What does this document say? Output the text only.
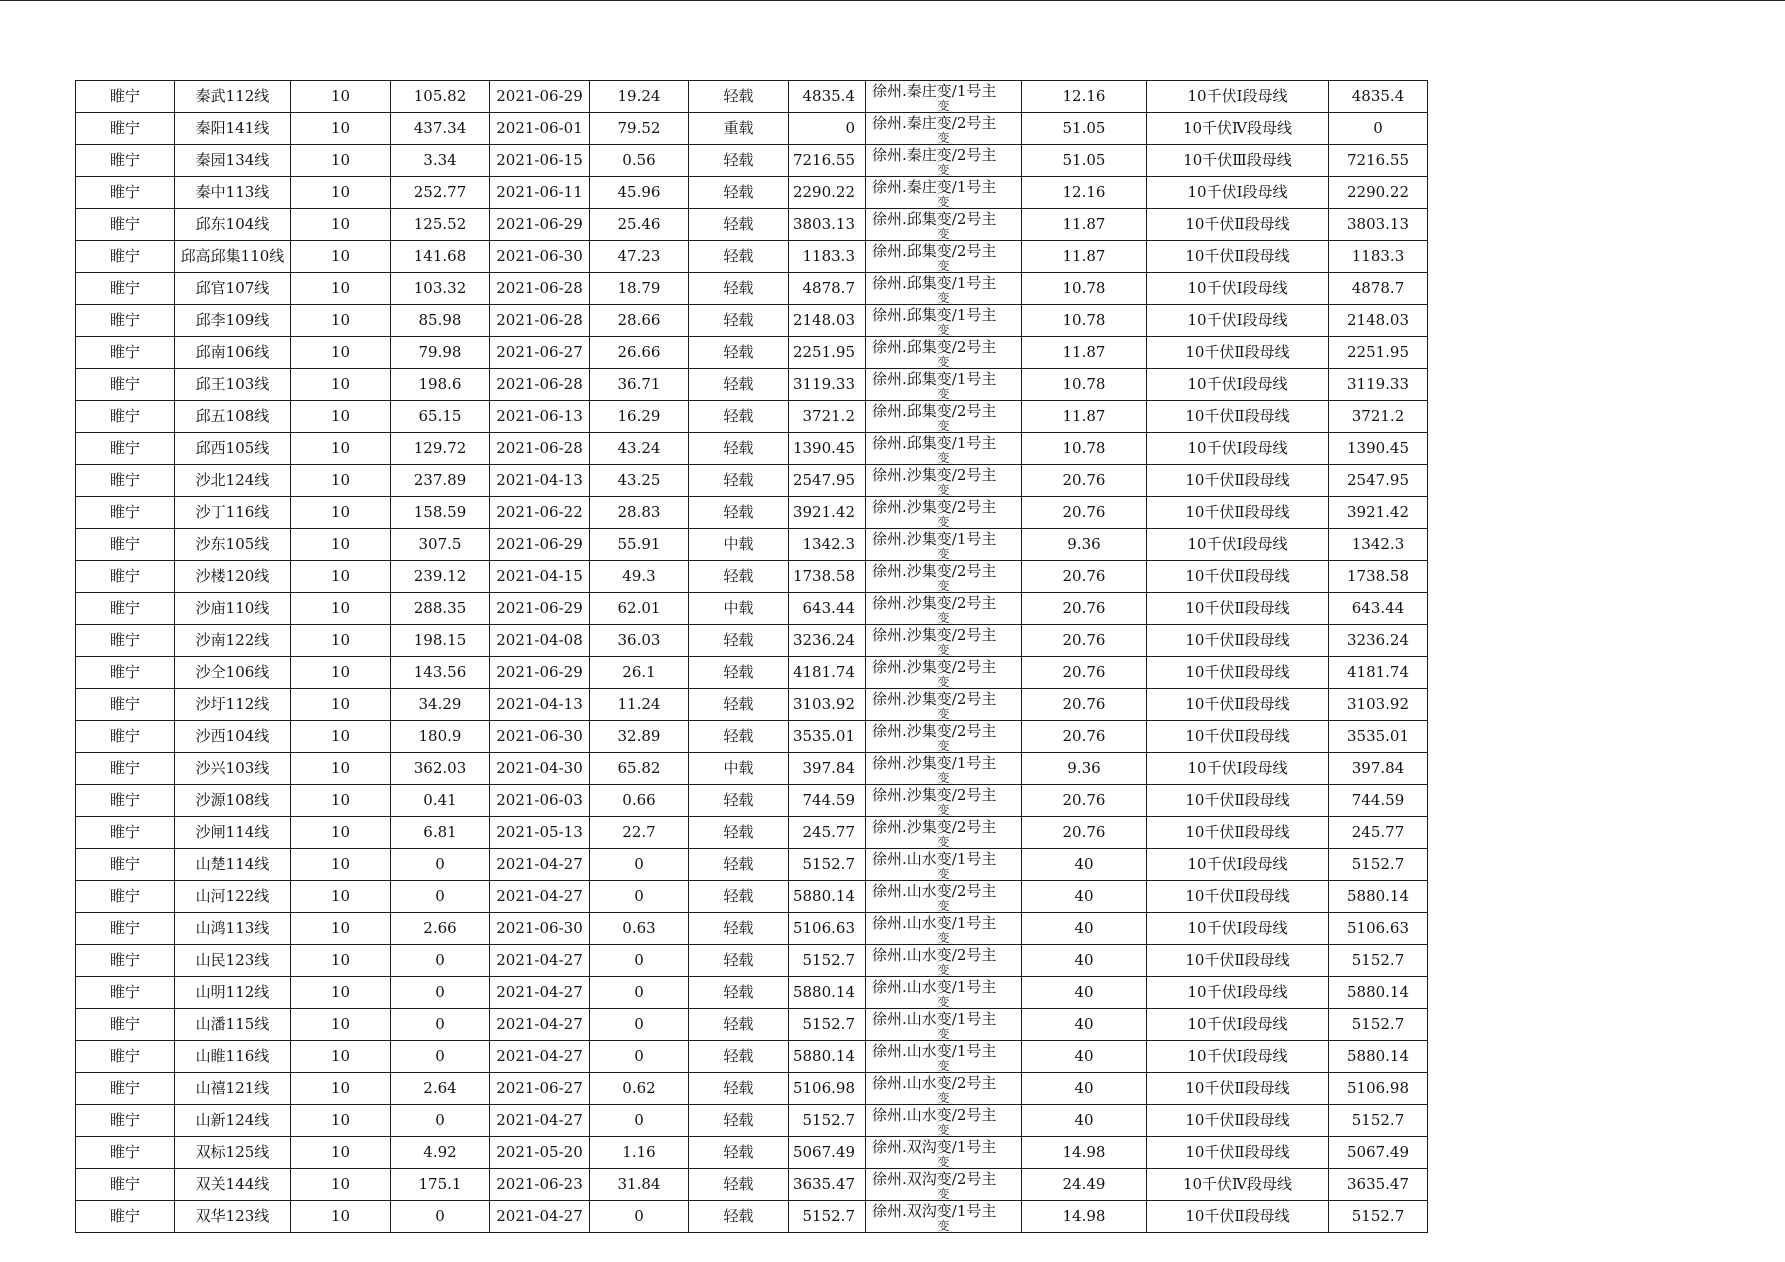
睢宁	秦武112线	10	105.82	2021-06-29	19.24	轻载	4835.4	徐州.秦庄变/1号主
变	12.16	10千伏Ⅰ段母线	4835.4
睢宁	秦阳141线	10	437.34	2021-06-01	79.52	重载	0	徐州.秦庄变/2号主
变	51.05	10千伏Ⅳ段母线	0
睢宁	秦园134线	10	3.34	2021-06-15	0.56	轻载	7216.55	徐州.秦庄变/2号主
变	51.05	10千伏Ⅲ段母线	7216.55
睢宁	秦中113线	10	252.77	2021-06-11	45.96	轻载	2290.22	徐州.秦庄变/1号主
变	12.16	10千伏Ⅰ段母线	2290.22
睢宁	邱东104线	10	125.52	2021-06-29	25.46	轻载	3803.13	徐州.邱集变/2号主
变	11.87	10千伏Ⅱ段母线	3803.13
睢宁	邱高邱集110线	10	141.68	2021-06-30	47.23	轻载	1183.3	徐州.邱集变/2号主
变	11.87	10千伏Ⅱ段母线	1183.3
睢宁	邱官107线	10	103.32	2021-06-28	18.79	轻载	4878.7	徐州.邱集变/1号主
变	10.78	10千伏Ⅰ段母线	4878.7
睢宁	邱李109线	10	85.98	2021-06-28	28.66	轻载	2148.03	徐州.邱集变/1号主
变	10.78	10千伏Ⅰ段母线	2148.03
睢宁	邱南106线	10	79.98	2021-06-27	26.66	轻载	2251.95	徐州.邱集变/2号主
变	11.87	10千伏Ⅱ段母线	2251.95
睢宁	邱王103线	10	198.6	2021-06-28	36.71	轻载	3119.33	徐州.邱集变/1号主
变	10.78	10千伏Ⅰ段母线	3119.33
睢宁	邱五108线	10	65.15	2021-06-13	16.29	轻载	3721.2	徐州.邱集变/2号主
变	11.87	10千伏Ⅱ段母线	3721.2
睢宁	邱西105线	10	129.72	2021-06-28	43.24	轻载	1390.45	徐州.邱集变/1号主
变	10.78	10千伏Ⅰ段母线	1390.45
睢宁	沙北124线	10	237.89	2021-04-13	43.25	轻载	2547.95	徐州.沙集变/2号主
变	20.76	10千伏Ⅱ段母线	2547.95
睢宁	沙丁116线	10	158.59	2021-06-22	28.83	轻载	3921.42	徐州.沙集变/2号主
变	20.76	10千伏Ⅱ段母线	3921.42
睢宁	沙东105线	10	307.5	2021-06-29	55.91	中载	1342.3	徐州.沙集变/1号主
变	9.36	10千伏Ⅰ段母线	1342.3
睢宁	沙楼120线	10	239.12	2021-04-15	49.3	轻载	1738.58	徐州.沙集变/2号主
变	20.76	10千伏Ⅱ段母线	1738.58
睢宁	沙庙110线	10	288.35	2021-06-29	62.01	中载	643.44	徐州.沙集变/2号主
变	20.76	10千伏Ⅱ段母线	643.44
睢宁	沙南122线	10	198.15	2021-04-08	36.03	轻载	3236.24	徐州.沙集变/2号主
变	20.76	10千伏Ⅱ段母线	3236.24
睢宁	沙仝106线	10	143.56	2021-06-29	26.1	轻载	4181.74	徐州.沙集变/2号主
变	20.76	10千伏Ⅱ段母线	4181.74
睢宁	沙圩112线	10	34.29	2021-04-13	11.24	轻载	3103.92	徐州.沙集变/2号主
变	20.76	10千伏Ⅱ段母线	3103.92
睢宁	沙西104线	10	180.9	2021-06-30	32.89	轻载	3535.01	徐州.沙集变/2号主
变	20.76	10千伏Ⅱ段母线	3535.01
睢宁	沙兴103线	10	362.03	2021-04-30	65.82	中载	397.84	徐州.沙集变/1号主
变	9.36	10千伏Ⅰ段母线	397.84
睢宁	沙源108线	10	0.41	2021-06-03	0.66	轻载	744.59	徐州.沙集变/2号主
变	20.76	10千伏Ⅱ段母线	744.59
睢宁	沙闸114线	10	6.81	2021-05-13	22.7	轻载	245.77	徐州.沙集变/2号主
变	20.76	10千伏Ⅱ段母线	245.77
睢宁	山楚114线	10	0	2021-04-27	0	轻载	5152.7	徐州.山水变/1号主
变	40	10千伏Ⅰ段母线	5152.7
睢宁	山河122线	10	0	2021-04-27	0	轻载	5880.14	徐州.山水变/2号主
变	40	10千伏Ⅱ段母线	5880.14
睢宁	山鸿113线	10	2.66	2021-06-30	0.63	轻载	5106.63	徐州.山水变/1号主
变	40	10千伏Ⅰ段母线	5106.63
睢宁	山民123线	10	0	2021-04-27	0	轻载	5152.7	徐州.山水变/2号主
变	40	10千伏Ⅱ段母线	5152.7
睢宁	山明112线	10	0	2021-04-27	0	轻载	5880.14	徐州.山水变/1号主
变	40	10千伏Ⅰ段母线	5880.14
睢宁	山潘115线	10	0	2021-04-27	0	轻载	5152.7	徐州.山水变/1号主
变	40	10千伏Ⅰ段母线	5152.7
睢宁	山睢116线	10	0	2021-04-27	0	轻载	5880.14	徐州.山水变/1号主
变	40	10千伏Ⅰ段母线	5880.14
睢宁	山禧121线	10	2.64	2021-06-27	0.62	轻载	5106.98	徐州.山水变/2号主
变	40	10千伏Ⅱ段母线	5106.98
睢宁	山新124线	10	0	2021-04-27	0	轻载	5152.7	徐州.山水变/2号主
变	40	10千伏Ⅱ段母线	5152.7
睢宁	双标125线	10	4.92	2021-05-20	1.16	轻载	5067.49	徐州.双沟变/1号主
变	14.98	10千伏Ⅱ段母线	5067.49
睢宁	双关144线	10	175.1	2021-06-23	31.84	轻载	3635.47	徐州.双沟变/2号主
变	24.49	10千伏Ⅳ段母线	3635.47
睢宁	双华123线	10	0	2021-04-27	0	轻载	5152.7	徐州.双沟变/1号主
变	14.98	10千伏Ⅱ段母线	5152.7
